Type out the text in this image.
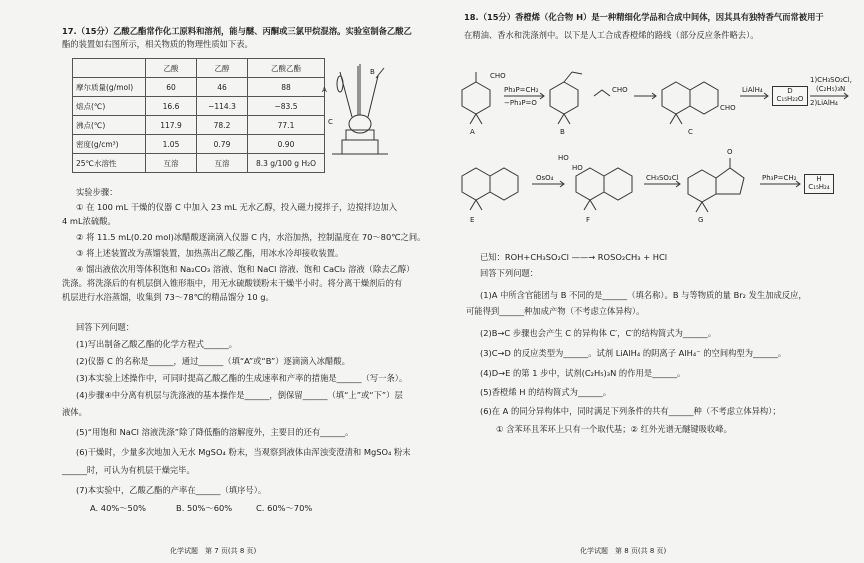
17.（15分）乙酸乙酯常作化工原料和溶剂，能与醚、丙酮或三氯甲烷混溶。实验室制备乙酸乙
酯的装置如右图所示，相关物质的物理性质如下表。
	乙酸	乙醇	乙酸乙酯
摩尔质量(g/mol)	60	46	88
熔点(℃)	16.6	−114.3	−83.5
沸点(℃)	117.9	78.2	77.1
密度(g/cm³)	1.05	0.79	0.90
25℃水溶性	互溶	互溶	8.3 g/100 g H₂O
B
A
C
实验步骤：
① 在 100 mL 干燥的仪器 C 中加入 23 mL 无水乙醇，投入磁力搅拌子，边搅拌边加入
4 mL浓硫酸。
② 将 11.5 mL(0.20 mol)冰醋酸逐滴滴入仪器 C 内，水浴加热，控制温度在 70～80℃之间。
③ 将上述装置改为蒸馏装置，加热蒸出乙酸乙酯，用冰水冷却接收装置。
④ 馏出液依次用等体积饱和 Na₂CO₃ 溶液、饱和 NaCl 溶液、饱和 CaCl₂ 溶液（除去乙醇）
洗涤。将洗涤后的有机层倒入锥形瓶中，用无水硫酸镁粉末干燥半小时。将分离干燥剂后的有
机层进行水浴蒸馏，收集到 73～78℃的精品馏分 10 g。
回答下列问题：
(1)写出制备乙酸乙酯的化学方程式______。
(2)仪器 C 的名称是______，通过______（填“A”或“B”）逐滴滴入冰醋酸。
(3)本实验上述操作中，可同时提高乙酸乙酯的生成速率和产率的措施是______（写一条）。
(4)步骤④中分离有机层与洗涤液的基本操作是______，倒保留______（填“上”或“下”）层
液体。
(5)“用饱和 NaCl 溶液洗涤”除了降低酯的溶解度外，主要目的还有______。
(6)干燥时，少量多次地加入无水 MgSO₄ 粉末，当观察到液体由浑浊变澄清和 MgSO₄ 粉末
______时，可认为有机层干燥完毕。
(7)本实验中，乙酸乙酯的产率在______（填序号）。
A. 40%～50%	B. 50%～60%	C. 60%～70%
化学试题　第 7 页(共 8 页)
18.（15分）香橙烯（化合物 H）是一种精细化学品和合成中间体，因其具有独特香气而常被用于
在精油、香水和洗涤剂中。以下是人工合成香橙烯的路线（部分反应条件略去）。
CHO
A
Ph₃P=CH₂
−Ph₃P=O
B
CHO
CHO
C
LiAlH₄	D
C₁₅H₂₂O
1)CH₃SO₂Cl,
(C₂H₅)₃N
2)LiAlH₄
E
OsO₄
HO
HO
F
CH₃SO₂Cl
O
G
Ph₃P=CH₂	H
C₁₅H₂₄
已知：ROH+CH₃SO₂Cl ——→ ROSO₂CH₃ + HCl
回答下列问题：
(1)A 中所含官能团与 B 不同的是______（填名称）。B 与等物质的量 Br₂ 发生加成反应，
可能得到______种加成产物（不考虑立体异构）。
(2)B→C 步骤也会产生 C 的异构体 C′，C′的结构简式为______。
(3)C→D 的反应类型为______。试剂 LiAlH₄ 的阴离子 AlH₄⁻ 的空间构型为______。
(4)D→E 的第 1 步中，试剂(C₂H₅)₃N 的作用是______。
(5)香橙烯 H 的结构简式为______。
(6)在 A 的同分异构体中，同时满足下列条件的共有______种（不考虑立体异构）；
① 含苯环且苯环上只有一个取代基；② 红外光谱无醚键吸收峰。
化学试题　第 8 页(共 8 页)
